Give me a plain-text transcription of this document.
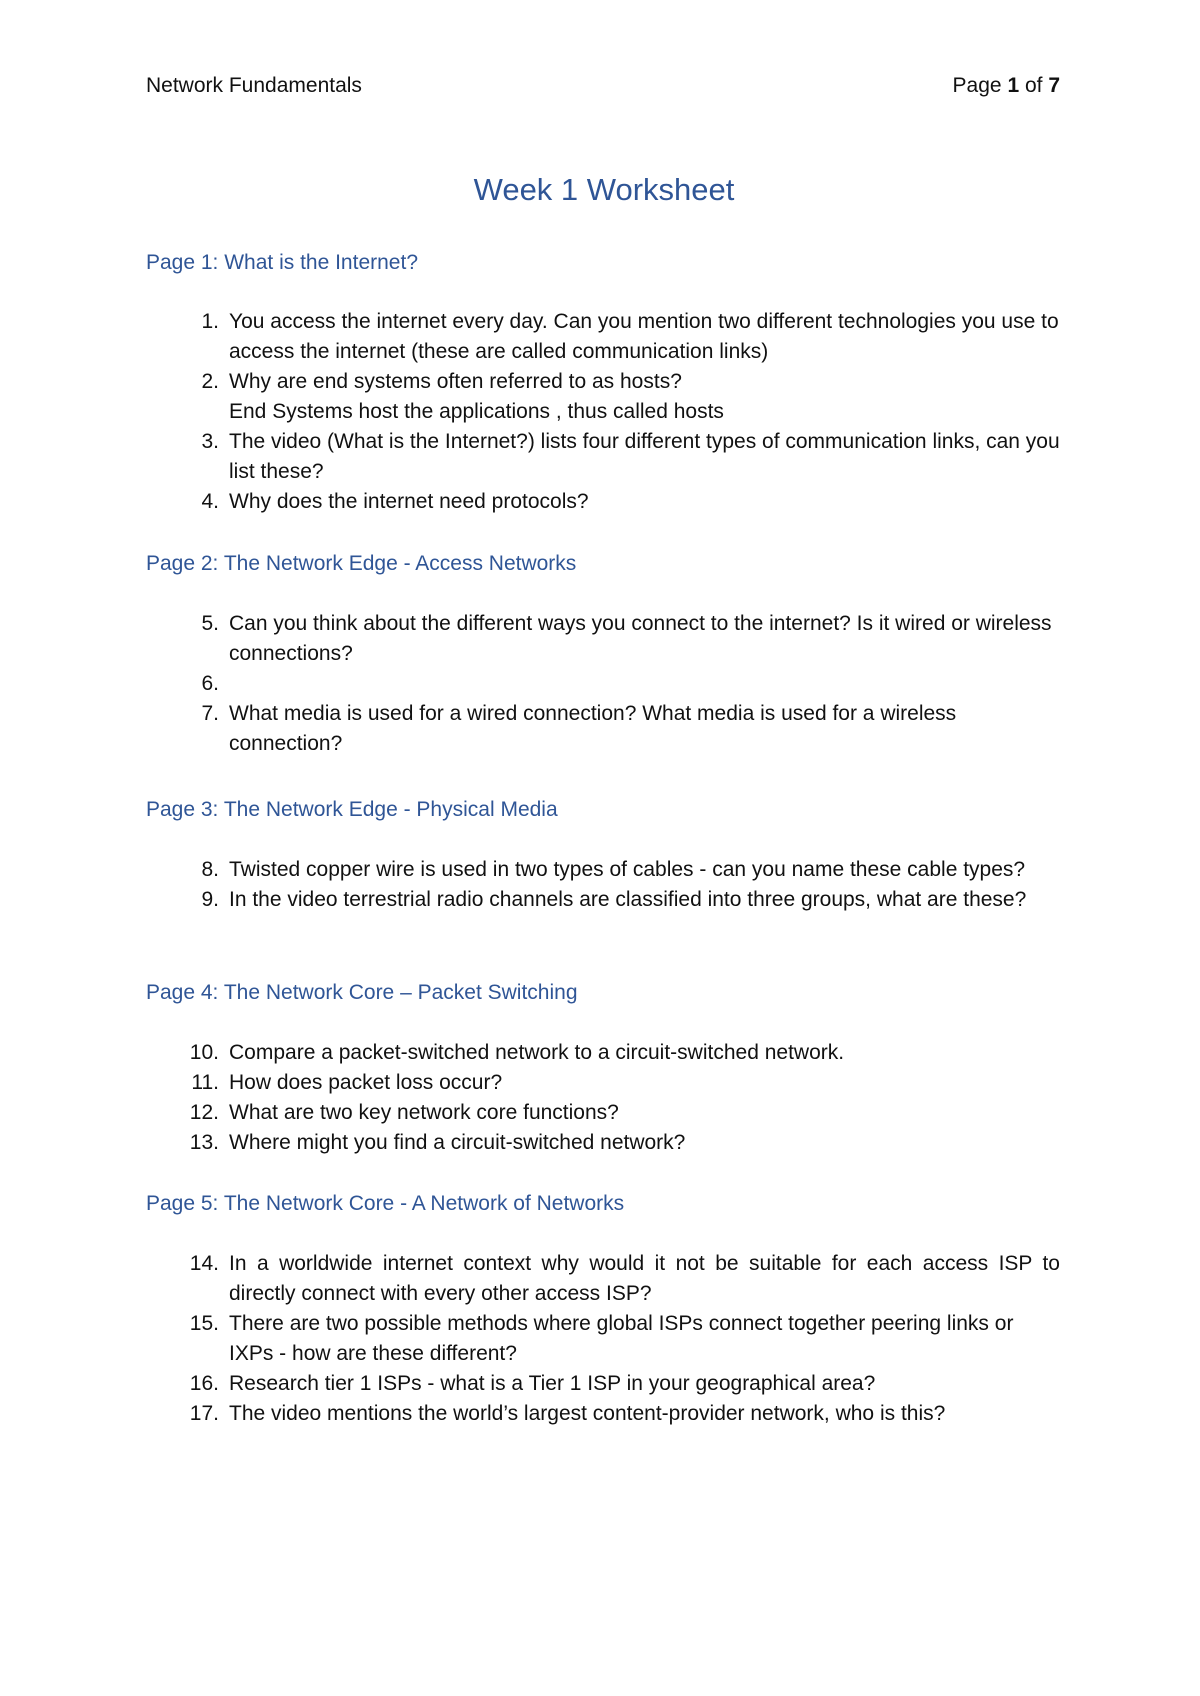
Network Fundamentals	Page 1 of 7
Week 1 Worksheet
Page 1: What is the Internet?
1. You access the internet every day. Can you mention two different technologies you use to access the internet (these are called communication links)
2. Why are end systems often referred to as hosts?
End Systems host the applications , thus called hosts
3. The video (What is the Internet?) lists four different types of communication links, can you list these?
4. Why does the internet need protocols?
Page 2: The Network Edge - Access Networks
5. Can you think about the different ways you connect to the internet? Is it wired or wireless connections?
6.
7. What media is used for a wired connection? What media is used for a wireless connection?
Page 3: The Network Edge - Physical Media
8. Twisted copper wire is used in two types of cables - can you name these cable types?
9. In the video terrestrial radio channels are classified into three groups, what are these?
Page 4: The Network Core – Packet Switching
10. Compare a packet-switched network to a circuit-switched network.
11. How does packet loss occur?
12. What are two key network core functions?
13. Where might you find a circuit-switched network?
Page 5: The Network Core - A Network of Networks
14. In a worldwide internet context why would it not be suitable for each access ISP to directly connect with every other access ISP?
15. There are two possible methods where global ISPs connect together peering links or IXPs - how are these different?
16. Research tier 1 ISPs - what is a Tier 1 ISP in your geographical area?
17. The video mentions the world’s largest content-provider network, who is this?
